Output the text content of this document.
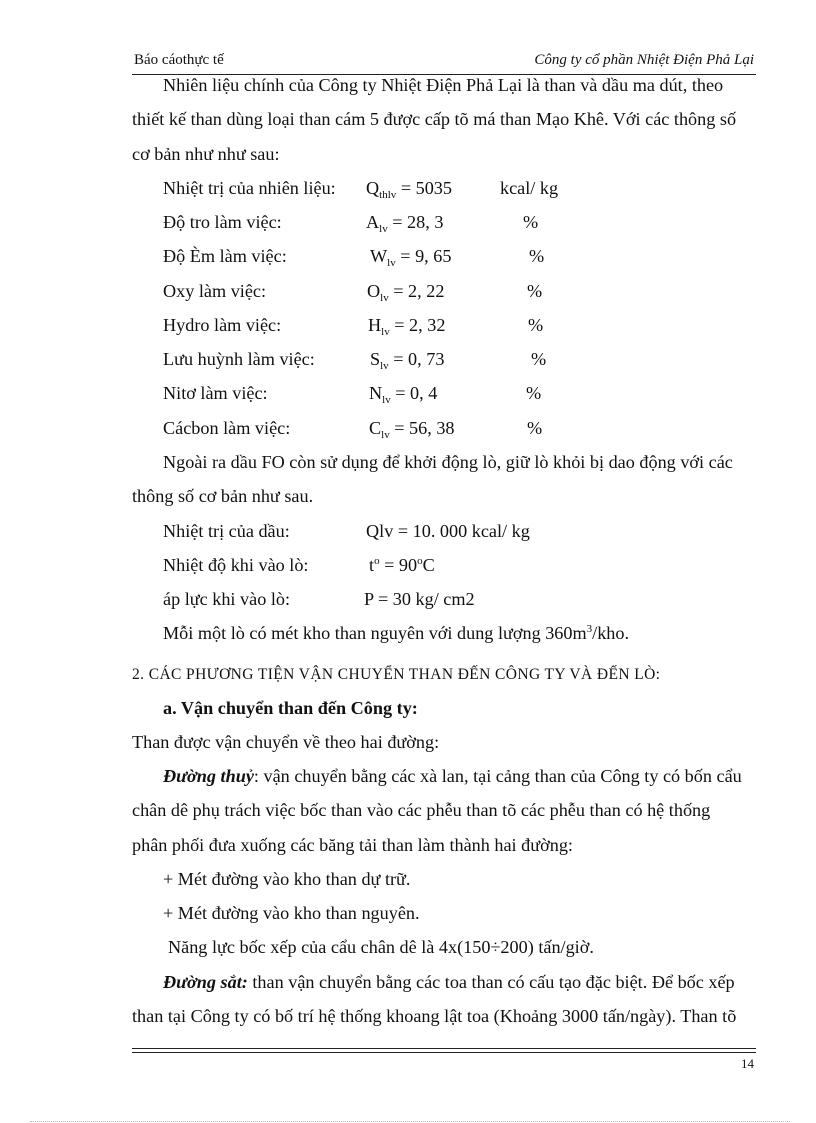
Báo cáothực tế	Công ty cổ phần Nhiệt Điện Phả Lại
Nhiên liệu chính của Công ty Nhiệt Điện Phả Lại là than và dầu ma dút, theo
thiết kế than dùng loại than cám 5 được cấp tõ má than Mạo Khê. Với các thông số
cơ bản như như sau:
Nhiệt trị của nhiên liệu: $Q_{thlv} = 5035$	kcal/ kg
Độ tro làm việc:	$A_{lv} = 28$, 3	%
Độ Èm làm việc:	$W_{lv} = 9$, 65	%
Oxy làm việc:	$O_{lv} = 2$, 22	%
Hydro làm việc:	$H_{lv} = 2$, 32	%
Lưu huỳnh làm việc:	$S_{lv} = 0$, 73	%
Nitơ làm việc:	$N_{lv} = 0$, 4	%
Cácbon làm việc:	$C_{lv} = 56$, 38	%
Ngoài ra dầu FO còn sử dụng để khởi động lò, giữ lò khỏi bị dao động với các
thông số cơ bản như sau.
Nhiệt trị của dầu:	Qlv = 10. 000 kcal/ kg
Nhiệt độ khi vào lò:	$t^o = 90^oC$
áp lực khi vào lò:	P = 30 kg/ cm2
Mỗi một lò có mét kho than nguyên với dung lượng $360m^3$/kho.
2. CÁC PHƯƠNG TIỆN VẬN CHUYỂN THAN ĐẾN CÔNG TY VÀ ĐẾN LÒ:
a. Vận chuyển than đến Công ty:
Than được vận chuyển về theo hai đường:
Đường thuỷ: vận chuyển bằng các xà lan, tại cảng than của Công ty có bốn cẩu
chân dê phụ trách việc bốc than vào các phễu than tõ các phễu than có hệ thống
phân phối đưa xuống các băng tải than làm thành hai đường:
+ Mét đường vào kho than dự trữ.
+ Mét đường vào kho than nguyên.
Năng lực bốc xếp của cẩu chân dê là 4x(150÷200) tấn/giờ.
Đường sắt: than vận chuyển bằng các toa than có cấu tạo đặc biệt. Để bốc xếp
than tại Công ty có bố trí hệ thống khoang lật toa (Khoảng 3000 tấn/ngày). Than tõ
14
